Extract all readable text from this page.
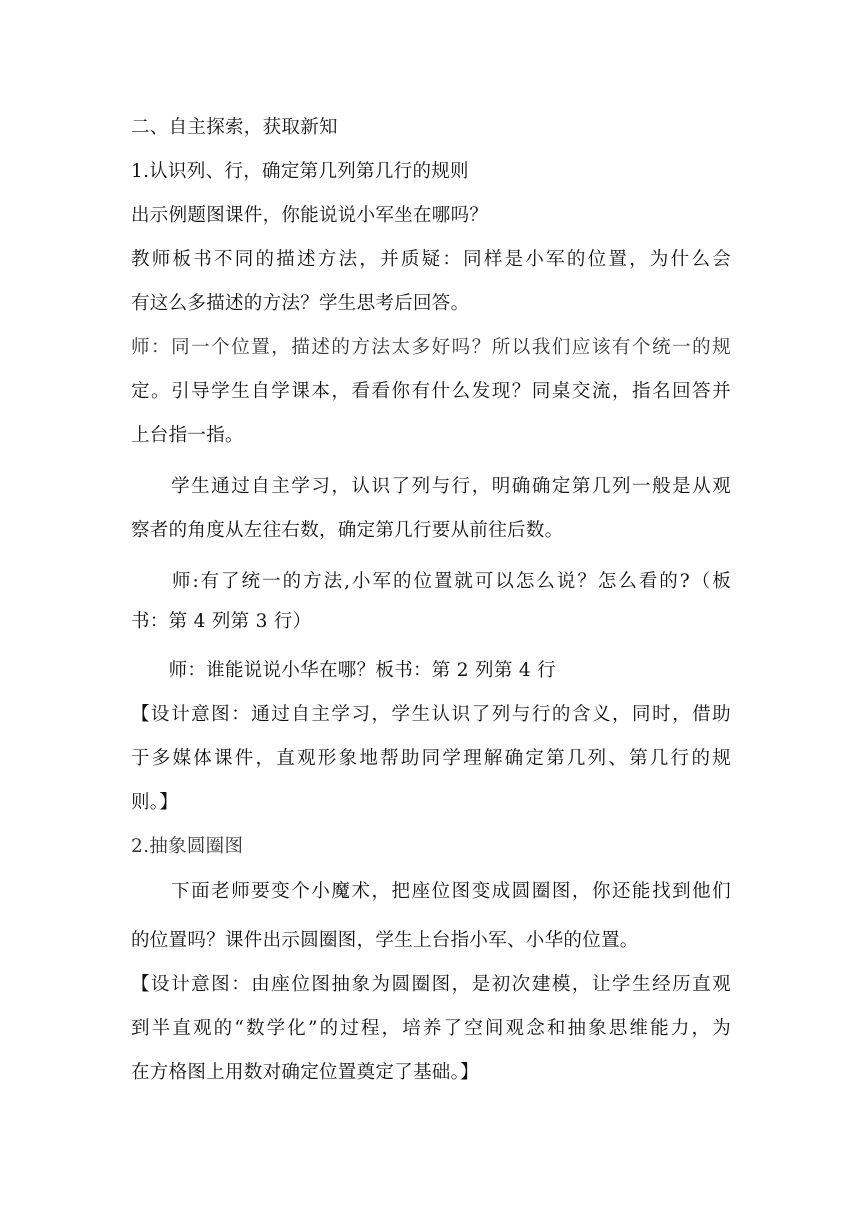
二、自主探索，获取新知
1.认识列、行，确定第几列第几行的规则
出示例题图课件，你能说说小军坐在哪吗？
教师板书不同的描述方法，并质疑：同样是小军的位置，为什么会
有这么多描述的方法？学生思考后回答。
师：同一个位置，描述的方法太多好吗？所以我们应该有个统一的规
定。引导学生自学课本，看看你有什么发现？同桌交流，指名回答并
上台指一指。
　　学生通过自主学习，认识了列与行，明确确定第几列一般是从观
察者的角度从左往右数，确定第几行要从前往后数。
　　师:有了统一的方法,小军的位置就可以怎么说？怎么看的?（板
书：第 4 列第 3 行）
　　师：谁能说说小华在哪？板书：第 2 列第 4 行
【设计意图：通过自主学习，学生认识了列与行的含义，同时，借助
于多媒体课件，直观形象地帮助同学理解确定第几列、第几行的规
则。】
2.抽象圆圈图
　　下面老师要变个小魔术，把座位图变成圆圈图，你还能找到他们
的位置吗？课件出示圆圈图，学生上台指小军、小华的位置。
【设计意图：由座位图抽象为圆圈图，是初次建模，让学生经历直观
到半直观的“数学化”的过程，培养了空间观念和抽象思维能力，为
在方格图上用数对确定位置奠定了基础。】
